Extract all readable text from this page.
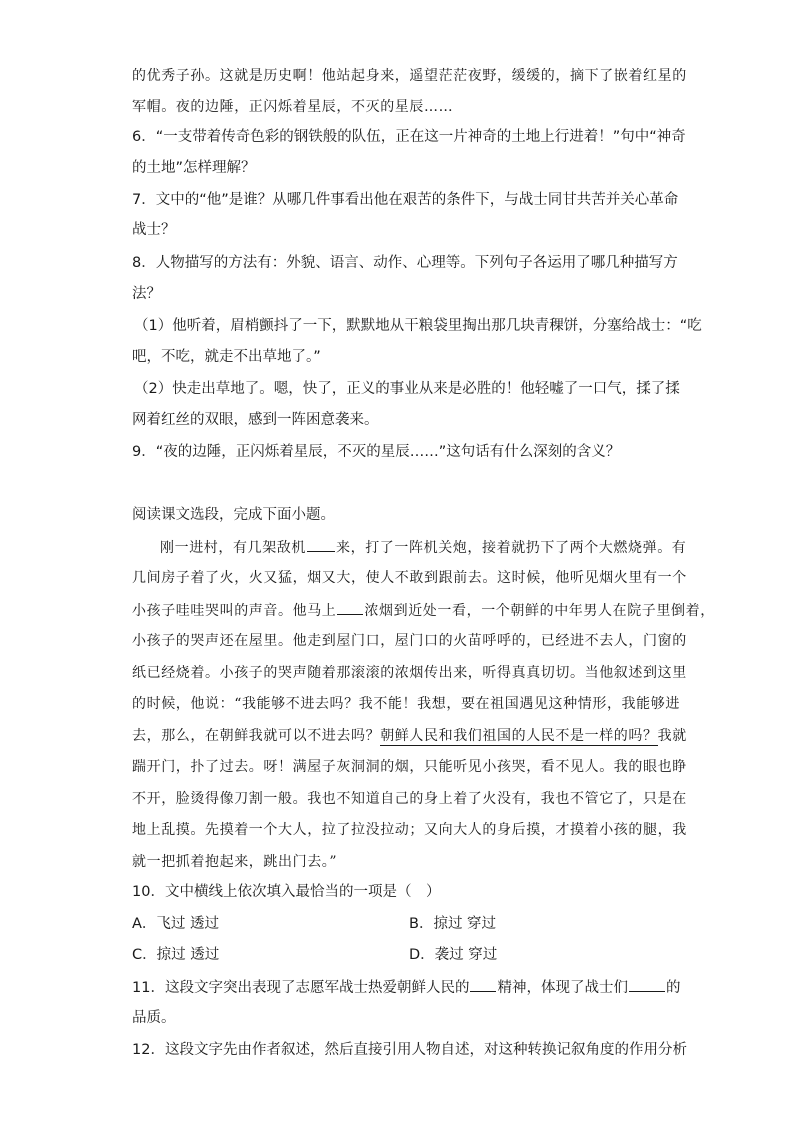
的优秀子孙。这就是历史啊！他站起身来，遥望茫茫夜野，缓缓的，摘下了嵌着红星的
军帽。夜的边陲，正闪烁着星辰，不灭的星辰……
6．“一支带着传奇色彩的钢铁般的队伍，正在这一片神奇的土地上行进着！”句中“神奇
的土地”怎样理解？
7．文中的“他”是谁？从哪几件事看出他在艰苦的条件下，与战士同甘共苦并关心革命
战士？
8．人物描写的方法有：外貌、语言、动作、心理等。下列句子各运用了哪几种描写方
法？
（1）他听着，眉梢颤抖了一下，默默地从干粮袋里掏出那几块青稞饼，分塞给战士：“吃
吧，不吃，就走不出草地了。”
（2）快走出草地了。嗯，快了，正义的事业从来是必胜的！他轻嘘了一口气，揉了揉
网着红丝的双眼，感到一阵困意袭来。
9．“夜的边陲，正闪烁着星辰，不灭的星辰……”这句话有什么深刻的含义？
阅读课文选段，完成下面小题。
刚一进村，有几架敌机 来，打了一阵机关炮，接着就扔下了两个大燃烧弹。有
几间房子着了火，火又猛，烟又大，使人不敢到跟前去。这时候，他听见烟火里有一个
小孩子哇哇哭叫的声音。他马上 浓烟到近处一看，一个朝鲜的中年男人在院子里倒着，
小孩子的哭声还在屋里。他走到屋门口，屋门口的火苗呼呼的，已经进不去人，门窗的
纸已经烧着。小孩子的哭声随着那滚滚的浓烟传出来，听得真真切切。当他叙述到这里
的时候，他说：“我能够不进去吗？我不能！我想，要在祖国遇见这种情形，我能够进
去，那么，在朝鲜我就可以不进去吗？朝鲜人民和我们祖国的人民不是一样的吗？我就
踹开门，扑了过去。呀！满屋子灰洞洞的烟，只能听见小孩哭，看不见人。我的眼也睁
不开，脸烫得像刀割一般。我也不知道自己的身上着了火没有，我也不管它了，只是在
地上乱摸。先摸着一个大人，拉了拉没拉动；又向大人的身后摸，才摸着小孩的腿，我
就一把抓着抱起来，跳出门去。”
10．文中横线上依次填入最恰当的一项是（　）
A．飞过 透过	B．掠过 穿过
C．掠过 透过	D．袭过 穿过
11．这段文字突出表现了志愿军战士热爱朝鲜人民的 精神，体现了战士们	的
品质。
12．这段文字先由作者叙述，然后直接引用人物自述，对这种转换记叙角度的作用分析
